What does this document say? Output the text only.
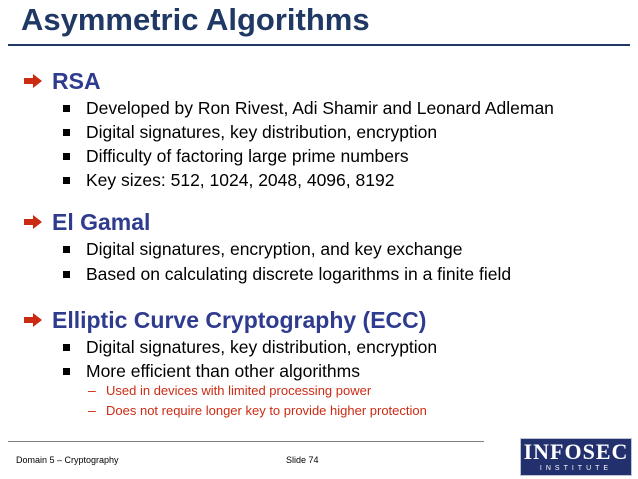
Asymmetric Algorithms
RSA
Developed by Ron Rivest, Adi Shamir and Leonard Adleman
Digital signatures, key distribution, encryption
Difficulty of factoring large prime numbers
Key sizes: 512, 1024, 2048, 4096, 8192
El Gamal
Digital signatures, encryption, and key exchange
Based on calculating discrete logarithms in a finite field
Elliptic Curve Cryptography (ECC)
Digital signatures, key distribution, encryption
More efficient than other algorithms
– Used in devices with limited processing power
– Does not require longer key to provide higher protection
Domain 5 – Cryptography	Slide 74	INFOSEC
INSTITUTE
